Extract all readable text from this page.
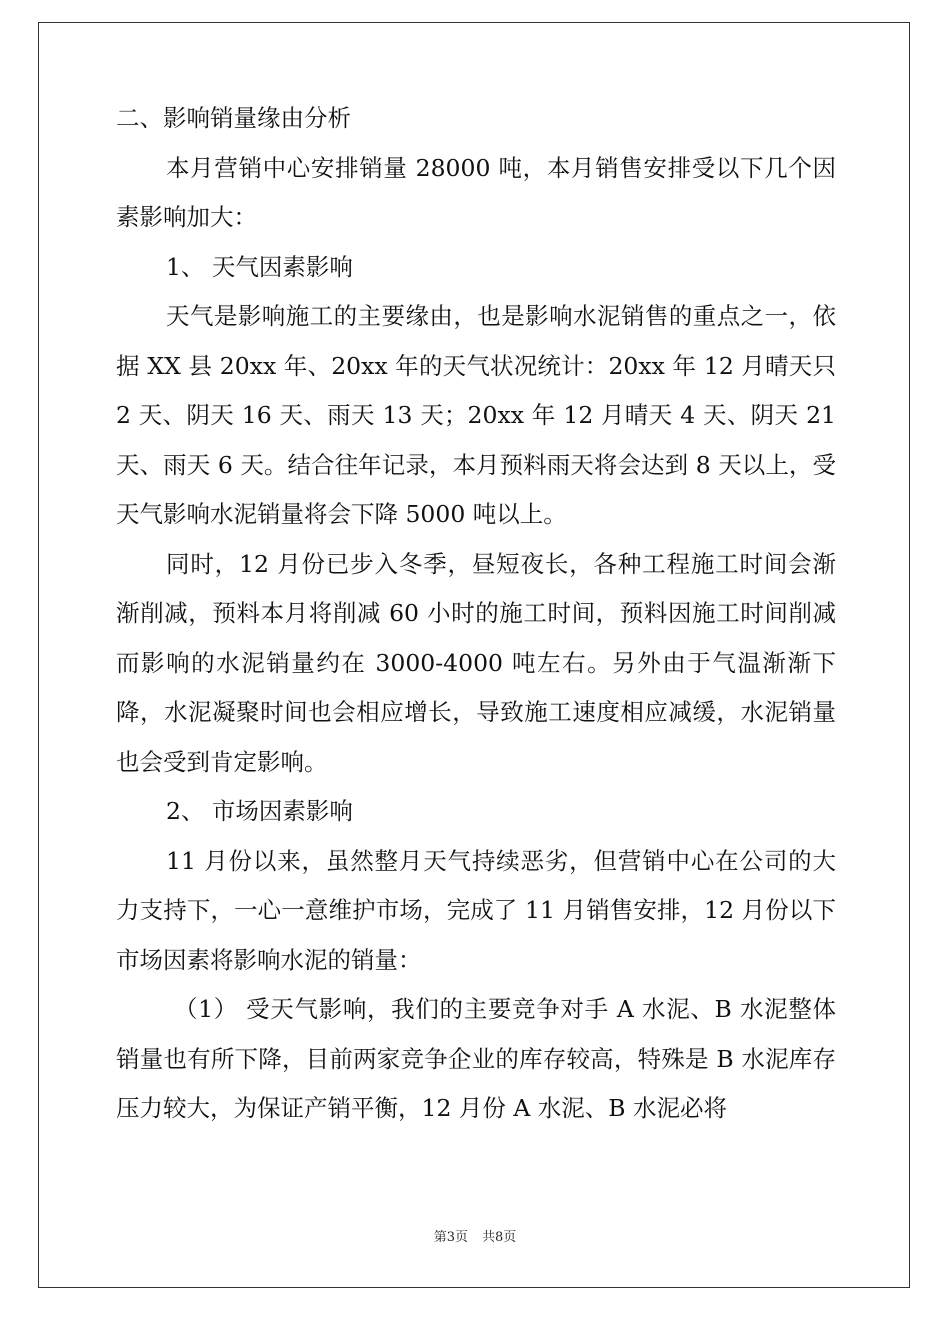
二、影响销量缘由分析

本月营销中心安排销量 28000 吨，本月销售安排受以下几个因素影响加大：

1、 天气因素影响

天气是影响施工的主要缘由，也是影响水泥销售的重点之一，依据 XX 县 20xx 年、20xx 年的天气状况统计：20xx 年 12 月晴天只 2 天、阴天 16 天、雨天 13 天；20xx 年 12 月晴天 4 天、阴天 21 天、雨天 6 天。结合往年记录，本月预料雨天将会达到 8 天以上，受天气影响水泥销量将会下降 5000 吨以上。

同时，12 月份已步入冬季，昼短夜长，各种工程施工时间会渐渐削减，预料本月将削减 60 小时的施工时间，预料因施工时间削减而影响的水泥销量约在 3000-4000 吨左右。另外由于气温渐渐下降，水泥凝聚时间也会相应增长，导致施工速度相应减缓，水泥销量也会受到肯定影响。

2、 市场因素影响

11 月份以来，虽然整月天气持续恶劣，但营销中心在公司的大力支持下，一心一意维护市场，完成了 11 月销售安排，12 月份以下市场因素将影响水泥的销量：

（1） 受天气影响，我们的主要竞争对手 A 水泥、B 水泥整体销量也有所下降，目前两家竞争企业的库存较高，特殊是 B 水泥库存压力较大，为保证产销平衡，12 月份 A 水泥、B 水泥必将

第3页 共8页
